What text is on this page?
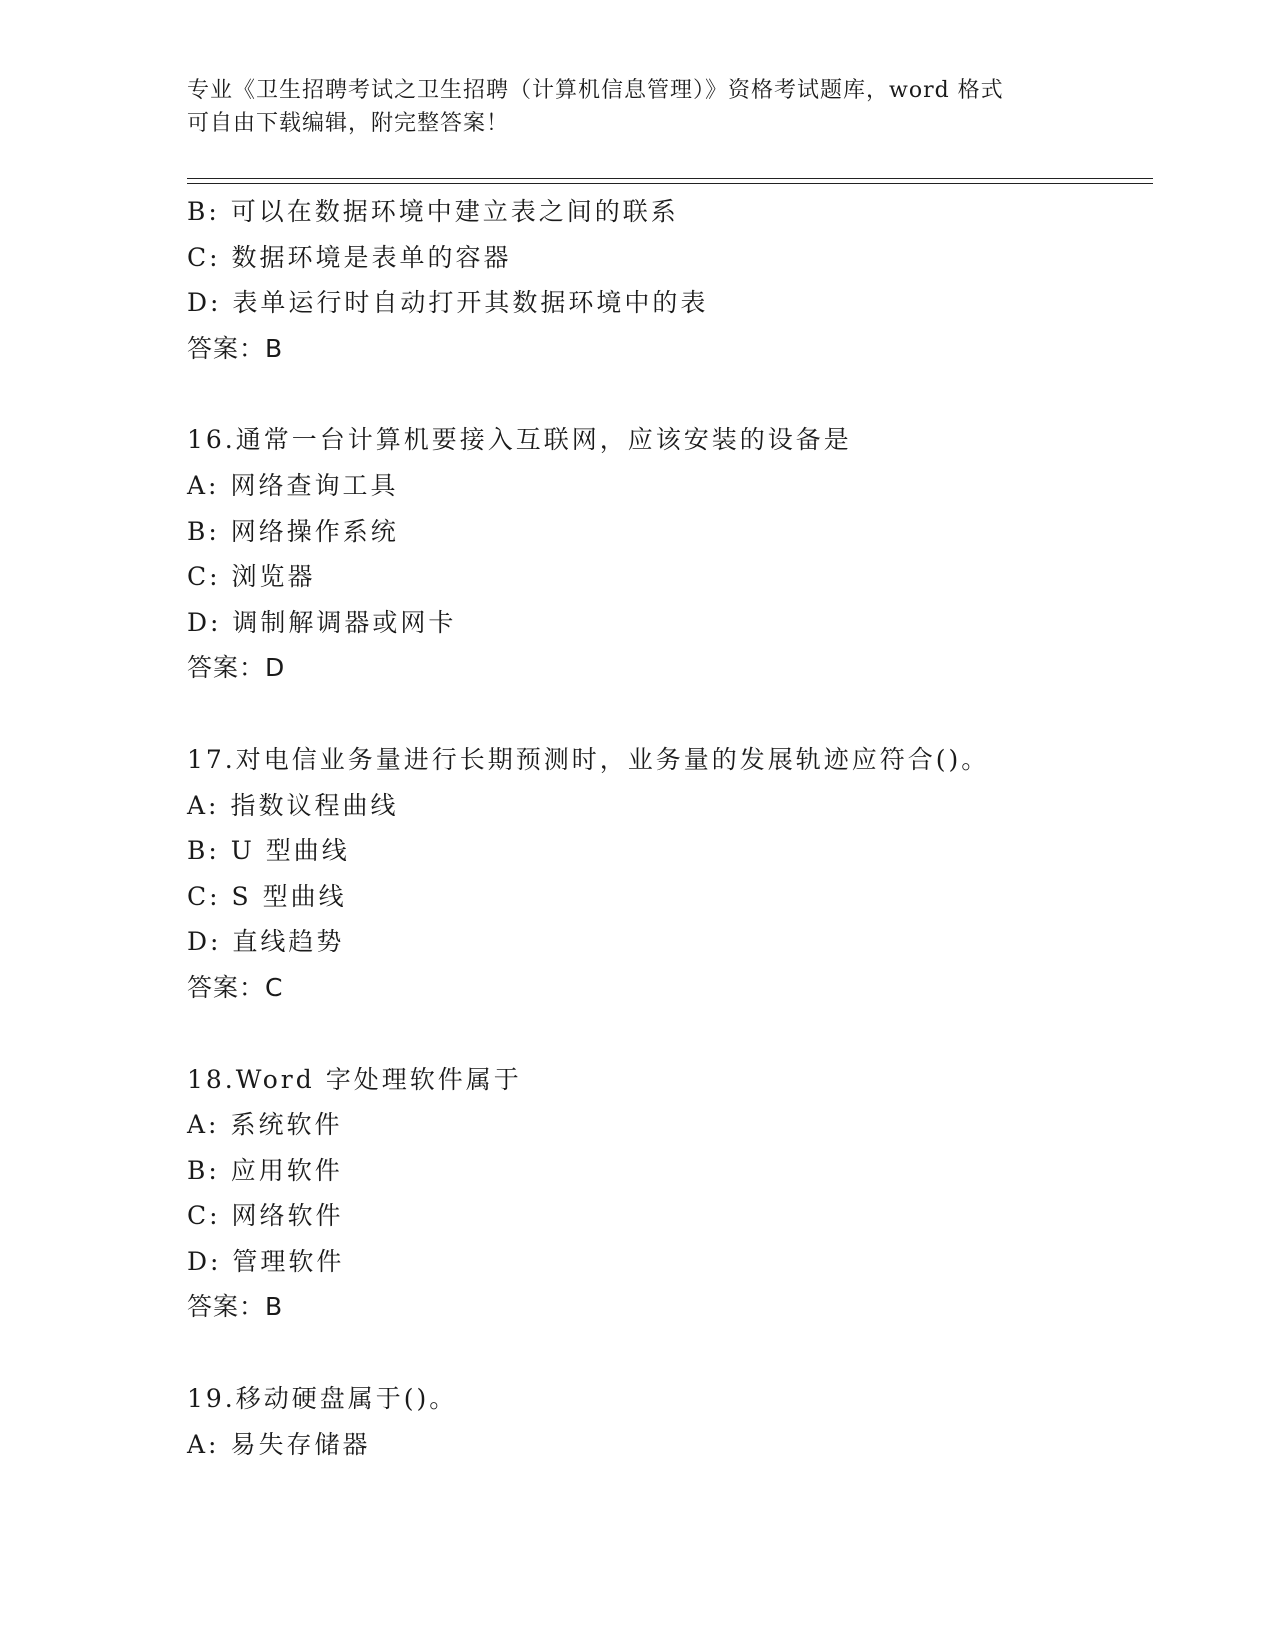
专业《卫生招聘考试之卫生招聘（计算机信息管理）》资格考试题库，word 格式
可自由下载编辑，附完整答案！
B: 可以在数据环境中建立表之间的联系
C: 数据环境是表单的容器
D: 表单运行时自动打开其数据环境中的表
答案：B
16.通常一台计算机要接入互联网，应该安装的设备是
A: 网络查询工具
B: 网络操作系统
C: 浏览器
D: 调制解调器或网卡
答案：D
17.对电信业务量进行长期预测时，业务量的发展轨迹应符合()。
A: 指数议程曲线
B: U 型曲线
C: S 型曲线
D: 直线趋势
答案：C
18.Word 字处理软件属于
A: 系统软件
B: 应用软件
C: 网络软件
D: 管理软件
答案：B
19.移动硬盘属于()。
A: 易失存储器
